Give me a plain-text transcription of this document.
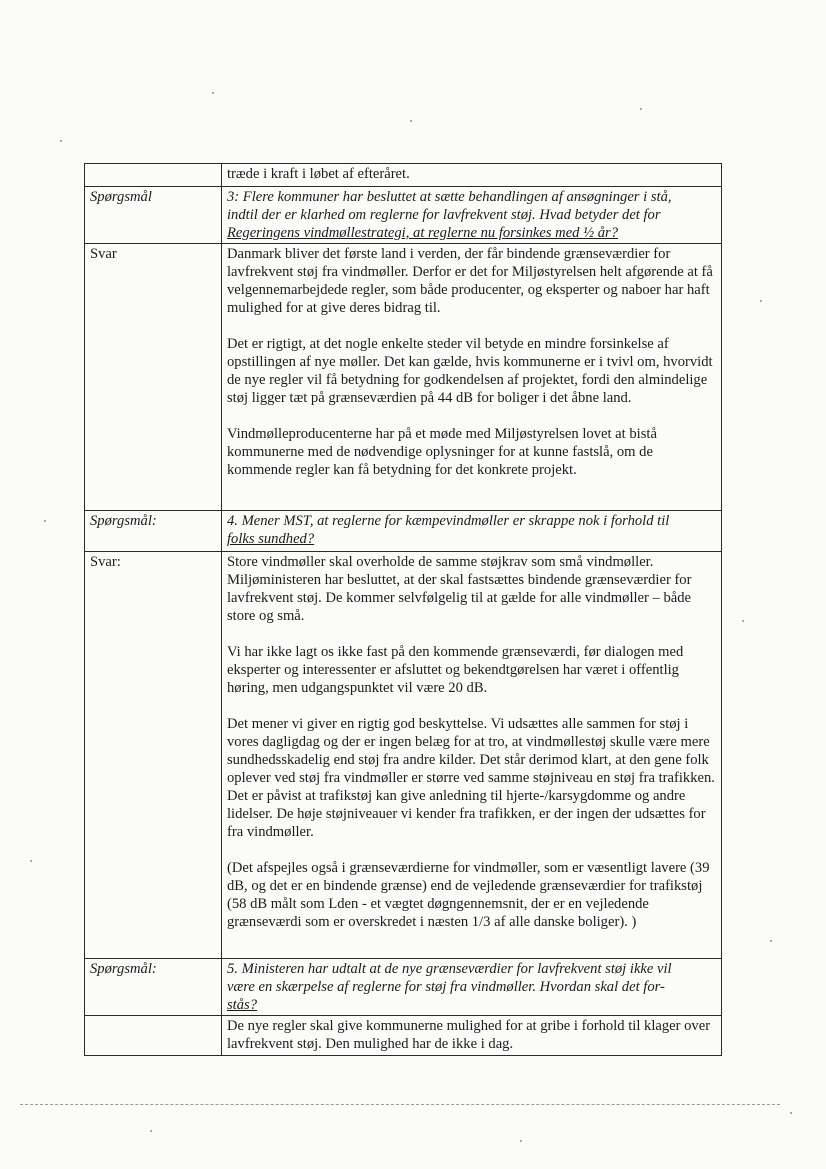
	træde i kraft i løbet af efteråret.
Spørgsmål	3: Flere kommuner har besluttet at sætte behandlingen af ansøgninger i stå,
indtil der er klarhed om reglerne for lavfrekvent støj. Hvad betyder det for
Regeringens vindmøllestrategi, at reglerne nu forsinkes med ½ år?

Svar	Danmark bliver det første land i verden, der får bindende grænseværdier for lavfrekvent støj fra vindmøller. Derfor er det for Miljøstyrelsen helt afgørende at få velgennemarbejdede regler, som både producenter, og eksperter og naboer har haft mulighed for at give deres bidrag til.

Det er rigtigt, at det nogle enkelte steder vil betyde en mindre forsinkelse af opstillingen af nye møller. Det kan gælde, hvis kommunerne er i tvivl om, hvorvidt de nye regler vil få betydning for godkendelsen af projektet, fordi den almindelige støj ligger tæt på grænseværdien på 44 dB for boliger i det åbne land.

Vindmølleproducenterne har på et møde med Miljøstyrelsen lovet at bistå kommunerne med de nødvendige oplysninger for at kunne fastslå, om de kommende regler kan få betydning for det konkrete projekt.

Spørgsmål:	4. Mener MST, at reglerne for kæmpevindmøller er skrappe nok i forhold til
folks sundhed?

Svar:	Store vindmøller skal overholde de samme støjkrav som små vindmøller. Miljøministeren har besluttet, at der skal fastsættes bindende grænseværdier for lavfrekvent støj. De kommer selvfølgelig til at gælde for alle vindmøller – både store og små.

Vi har ikke lagt os ikke fast på den kommende grænseværdi, før dialogen med eksperter og interessenter er afsluttet og bekendtgørelsen har været i offentlig høring, men udgangspunktet vil være 20 dB.

Det mener vi giver en rigtig god beskyttelse. Vi udsættes alle sammen for støj i vores dagligdag og der er ingen belæg for at tro, at vindmøllestøj skulle være mere sundhedsskadelig end støj fra andre kilder. Det står derimod klart, at den gene folk oplever ved støj fra vindmøller er større ved samme støjniveau en støj fra trafikken. Det er påvist at trafikstøj kan give anledning til hjerte-/karsygdomme og andre lidelser. De høje støjniveauer vi kender fra trafikken, er der ingen der udsættes for fra vindmøller.

(Det afspejles også i grænseværdierne for vindmøller, som er væsentligt lavere (39 dB, og det er en bindende grænse) end de vejledende grænseværdier for trafikstøj (58 dB målt som Lden - et vægtet døgngennemsnit, der er en vejledende grænseværdi som er overskredet i næsten 1/3 af alle danske boliger). )

Spørgsmål:	5. Ministeren har udtalt at de nye grænseværdier for lavfrekvent støj ikke vil
være en skærpelse af reglerne for støj fra vindmøller. Hvordan skal det for-
stås?

	De nye regler skal give kommunerne mulighed for at gribe i forhold til klager over lavfrekvent støj. Den mulighed har de ikke i dag.
